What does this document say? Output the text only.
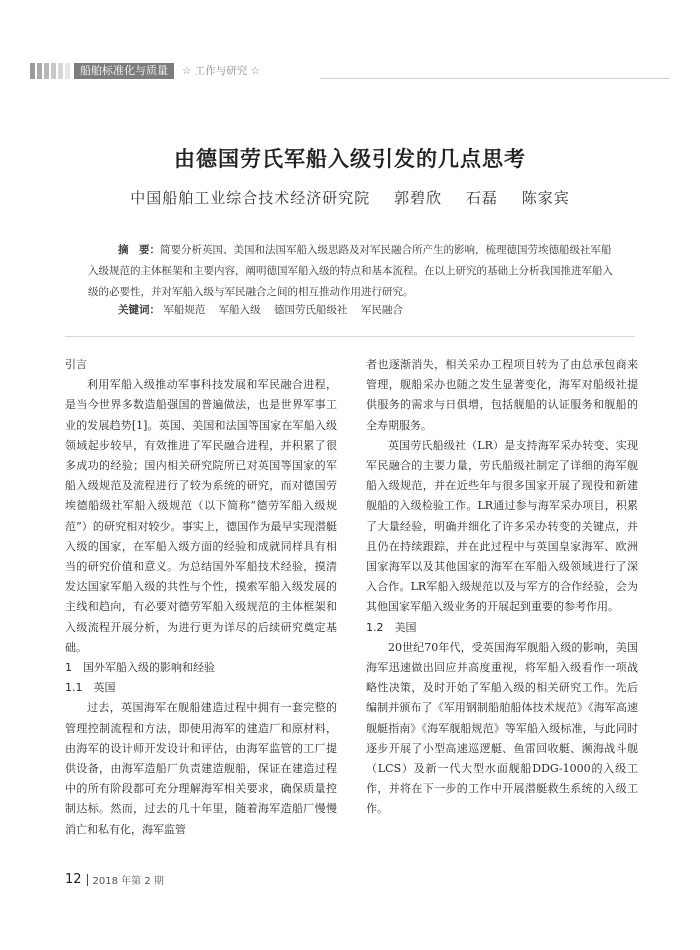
船舶标准化与质量	☆ 工作与研究 ☆
由德国劳氏军船入级引发的几点思考
中国船舶工业综合技术经济研究院 郭碧欣 石磊 陈家宾
摘　要：简要分析英国、美国和法国军船入级思路及对军民融合所产生的影响，梳理德国劳埃德船级社军船入级规范的主体框架和主要内容，阐明德国军船入级的特点和基本流程。在以上研究的基础上分析我国推进军船入级的必要性，并对军船入级与军民融合之间的相互推动作用进行研究。
关键词： 军船规范 军船入级 德国劳氏船级社 军民融合

引言

利用军船入级推动军事科技发展和军民融合进程，是当今世界多数造船强国的普遍做法，也是世界军事工业的发展趋势[1]。英国、美国和法国等国家在军船入级领域起步较早，有效推进了军民融合进程，并积累了很多成功的经验；国内相关研究院所已对英国等国家的军船入级规范及流程进行了较为系统的研究，而对德国劳埃德船级社军船入级规范（以下简称“德劳军船入级规范”）的研究相对较少。事实上，德国作为最早实现潜艇入级的国家，在军船入级方面的经验和成就同样具有相当的研究价值和意义。为总结国外军船技术经验，摸清发达国家军船入级的共性与个性，摸索军船入级发展的主线和趋向，有必要对德劳军船入级规范的主体框架和入级流程开展分析，为进行更为详尽的后续研究奠定基础。

1　国外军船入级的影响和经验

1.1　英国

过去，英国海军在舰船建造过程中拥有一套完整的管理控制流程和方法，即使用海军的建造厂和原材料，由海军的设计师开发设计和评估，由海军监管的工厂提供设备，由海军造船厂负责建造舰船，保证在建造过程中的所有阶段都可充分理解海军相关要求，确保质量控制达标。然而，过去的几十年里，随着海军造船厂慢慢消亡和私有化，海军监管

者也逐渐消失，相关采办工程项目转为了由总承包商来管理，舰船采办也随之发生显著变化，海军对船级社提供服务的需求与日俱增，包括舰船的认证服务和舰船的全寿期服务。

英国劳氏船级社（LR）是支持海军采办转变、实现军民融合的主要力量，劳氏船级社制定了详细的海军舰船入级规范，并在近些年与很多国家开展了现役和新建舰船的入级检验工作。LR通过参与海军采办项目，积累了大量经验，明确并细化了许多采办转变的关键点，并且仍在持续跟踪，并在此过程中与英国皇家海军、欧洲国家海军以及其他国家的海军在军船入级领域进行了深入合作。LR军船入级规范以及与军方的合作经验，会为其他国家军船入级业务的开展起到重要的参考作用。

1.2　美国

20世纪70年代，受英国海军舰船入级的影响，美国海军迅速做出回应并高度重视，将军船入级看作一项战略性决策，及时开始了军船入级的相关研究工作。先后编制并颁布了《军用钢制船舶船体技术规范》《海军高速舰艇指南》《海军舰船规范》等军船入级标准，与此同时逐步开展了小型高速巡逻艇、鱼雷回收艇、濒海战斗舰（LCS）及新一代大型水面舰船DDG-1000的入级工作，并将在下一步的工作中开展潜艇救生系统的入级工作。

12 2018 年第 2 期
